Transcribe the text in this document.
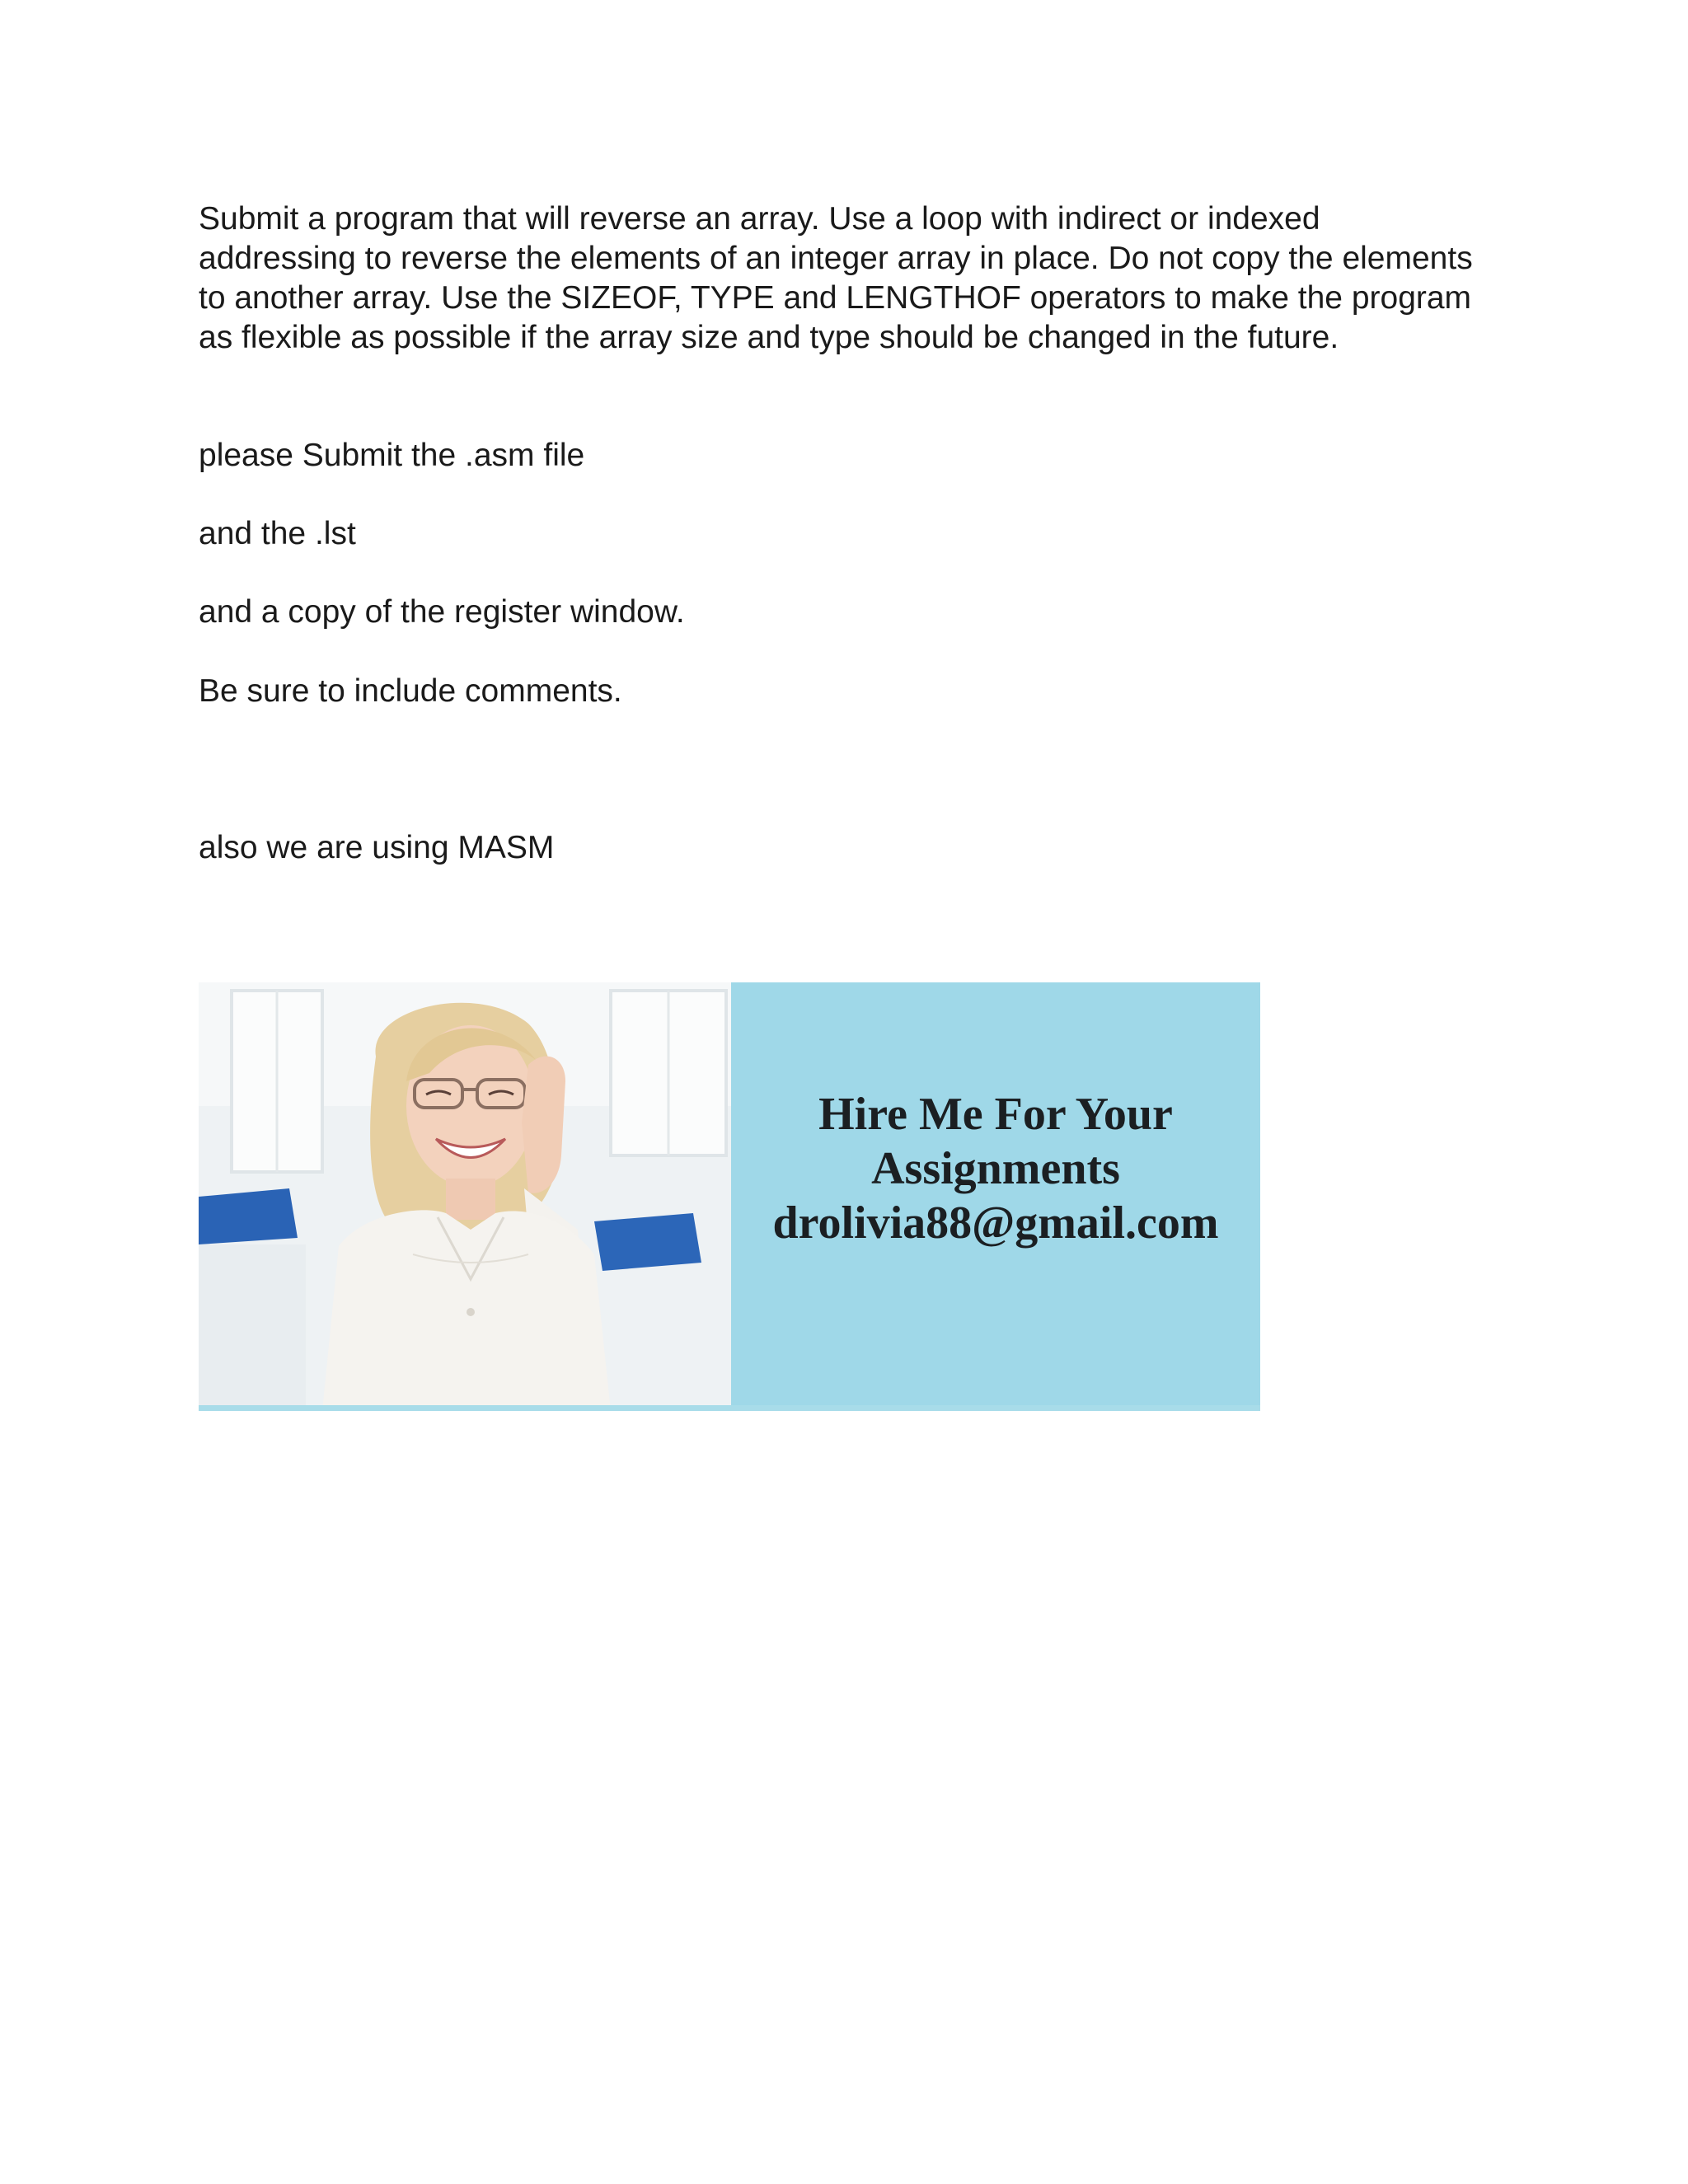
Submit a program that will reverse an array. Use a loop with indirect or indexed addressing to reverse the elements of an integer array in place. Do not copy the elements to another array. Use the SIZEOF, TYPE and LENGTHOF operators to make the program as flexible as possible if the array size and type should be changed in the future.

please Submit the .asm file

and the .lst

and a copy of the register window.

Be sure to include comments.

also we are using MASM

Hire Me For Your

Assignments

drolivia88@gmail.com
